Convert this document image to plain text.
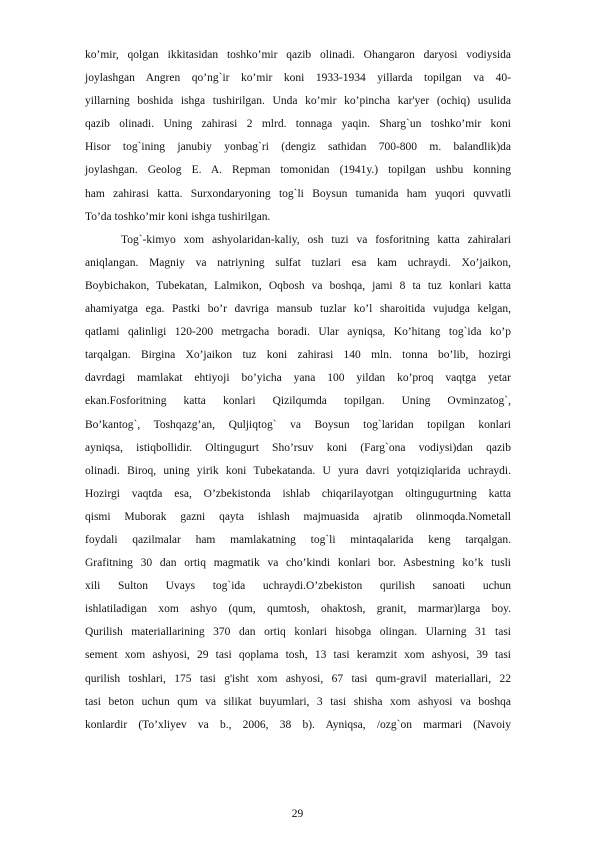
ko’mir, qolgan ikkitasidan toshko’mir qazib olinadi. Ohangaron daryosi vodiysida
joylashgan Angren qo’ng`ir ko’mir koni 1933-1934 yillarda topilgan va 40-
yillarning boshida ishga tushirilgan. Unda ko’mir ko’pincha kar'yer (ochiq) usulida
qazib olinadi. Uning zahirasi 2 mlrd. tonnaga yaqin. Sharg`un toshko’mir koni
Hisor tog`ining janubiy yonbag`ri (dengiz sathidan 700-800 m. balandlik)da
joylashgan. Geolog E. A. Repman tomonidan (1941y.) topilgan ushbu konning
ham zahirasi katta. Surxondaryoning tog`li Boysun tumanida ham yuqori quvvatli
To’da toshko’mir koni ishga tushirilgan.
Tog`-kimyo xom ashyolaridan-kaliy, osh tuzi va fosforitning katta zahiralari
aniqlangan. Magniy va natriyning sulfat tuzlari esa kam uchraydi. Xo’jaikon,
Boybichakon, Tubekatan, Lalmikon, Oqbosh va boshqa, jami 8 ta tuz konlari katta
ahamiyatga ega. Pastki bo’r davriga mansub tuzlar ko’l sharoitida vujudga kelgan,
qatlami qalinligi 120-200 metrgacha boradi. Ular ayniqsa, Ko’hitang tog`ida ko’p
tarqalgan. Birgina Xo’jaikon tuz koni zahirasi 140 mln. tonna bo’lib, hozirgi
davrdagi mamlakat ehtiyoji bo’yicha yana 100 yildan ko’proq vaqtga yetar
ekan.Fosforitning katta konlari Qizilqumda topilgan. Uning Ovminzatog`,
Bo’kantog`, Toshqazg’an, Quljiqtog` va Boysun tog`laridan topilgan konlari
ayniqsa, istiqbollidir. Oltingugurt Sho’rsuv koni (Farg`ona vodiysi)dan qazib
olinadi. Biroq, uning yirik koni Tubekatanda. U yura davri yotqiziqlarida uchraydi.
Hozirgi vaqtda esa, O’zbekistonda ishlab chiqarilayotgan oltingugurtning katta
qismi Muborak gazni qayta ishlash majmuasida ajratib olinmoqda.Nometall
foydali qazilmalar ham mamlakatning tog`li mintaqalarida keng tarqalgan.
Grafitning 30 dan ortiq magmatik va cho’kindi konlari bor. Asbestning ko’k tusli
xili Sulton Uvays tog`ida uchraydi.O’zbekiston qurilish sanoati uchun
ishlatiladigan xom ashyo (qum, qumtosh, ohaktosh, granit, marmar)larga boy.
Qurilish materiallarining 370 dan ortiq konlari hisobga olingan. Ularning 31 tasi
sement xom ashyosi, 29 tasi qoplama tosh, 13 tasi keramzit xom ashyosi, 39 tasi
qurilish toshlari, 175 tasi g'isht xom ashyosi, 67 tasi qum-gravil materiallari, 22
tasi beton uchun qum va silikat buyumlari, 3 tasi shisha xom ashyosi va boshqa
konlardir (To’xliyev va b., 2006, 38 b). Ayniqsa, /ozg`on marmari (Navoiy
29
